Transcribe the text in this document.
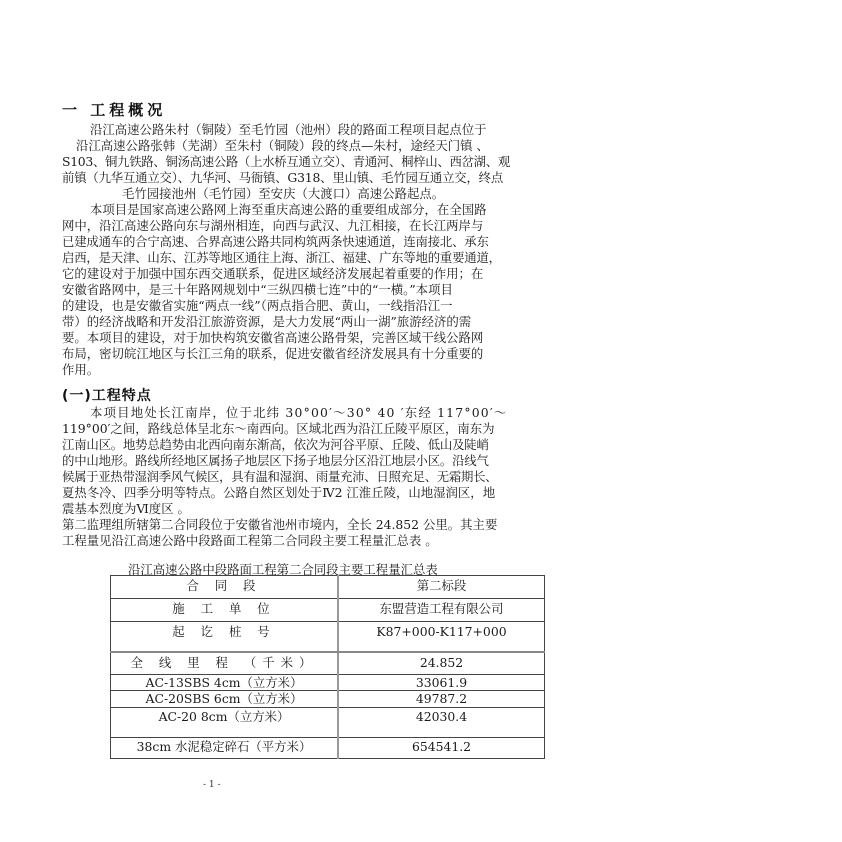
一 工程概况
沿江高速公路朱村（铜陵）至毛竹园（池州）段的路面工程项目起点位于
沿江高速公路张韩（芜湖）至朱村（铜陵）段的终点—朱村，途经天门镇 、
S103、铜九铁路、铜汤高速公路（上水桥互通立交）、青通河、桐梓山、西岔湖、观
前镇（九华互通立交）、九华河、马衙镇、G318、里山镇、毛竹园互通立交，终点
毛竹园接池州（毛竹园）至安庆（大渡口）高速公路起点。
本项目是国家高速公路网上海至重庆高速公路的重要组成部分，在全国路
网中，沿江高速公路向东与湖州相连，向西与武汉、九江相接，在长江两岸与
已建成通车的合宁高速、合界高速公路共同构筑两条快速通道，连南接北、承东
启西，是天津、山东、江苏等地区通往上海、浙江、福建、广东等地的重要通道，
它的建设对于加强中国东西交通联系，促进区域经济发展起着重要的作用；在
安徽省路网中，是三十年路网规划中“三纵四横七连”中的“一横。”本项目
的建设，也是安徽省实施“两点一线”（两点指合肥、黄山，一线指沿江一
带）的经济战略和开发沿江旅游资源，是大力发展“两山一湖”旅游经济的需
要。本项目的建设，对于加快构筑安徽省高速公路骨架，完善区域干线公路网
布局，密切皖江地区与长江三角的联系，促进安徽省经济发展具有十分重要的
作用。
(一)工程特点
本项目地处长江南岸，位于北纬 30°00′～30° 40 ′东经 117°00′～
119°00′之间，路线总体呈北东～南西向。区域北西为沿江丘陵平原区，南东为
江南山区。地势总趋势由北西向南东渐高，依次为河谷平原、丘陵、低山及陡峭
的中山地形。路线所经地区属扬子地层区下扬子地层分区沿江地层小区。沿线气
候属于亚热带湿润季风气候区，具有温和湿润、雨量充沛、日照充足、无霜期长、
夏热冬冷、四季分明等特点。公路自然区划处于Ⅳ2 江淮丘陵，山地湿润区，地
震基本烈度为Ⅵ度区 。
第二监理组所辖第二合同段位于安徽省池州市境内，全长 24.852 公里。其主要
工程量见沿江高速公路中段路面工程第二合同段主要工程量汇总表 。
沿江高速公路中段路面工程第二合同段主要工程量汇总表
合 同 段	第二标段
施 工 单 位	东盟营造工程有限公司
起 讫 桩 号	K87+000-K117+000
全 线 里 程 （千米）	24.852
AC-13SBS 4cm（立方米）	33061.9
AC-20SBS 6cm（立方米）	49787.2
AC-20 8cm（立方米）	42030.4
38cm 水泥稳定碎石（平方米）	654541.2
- 1 -
